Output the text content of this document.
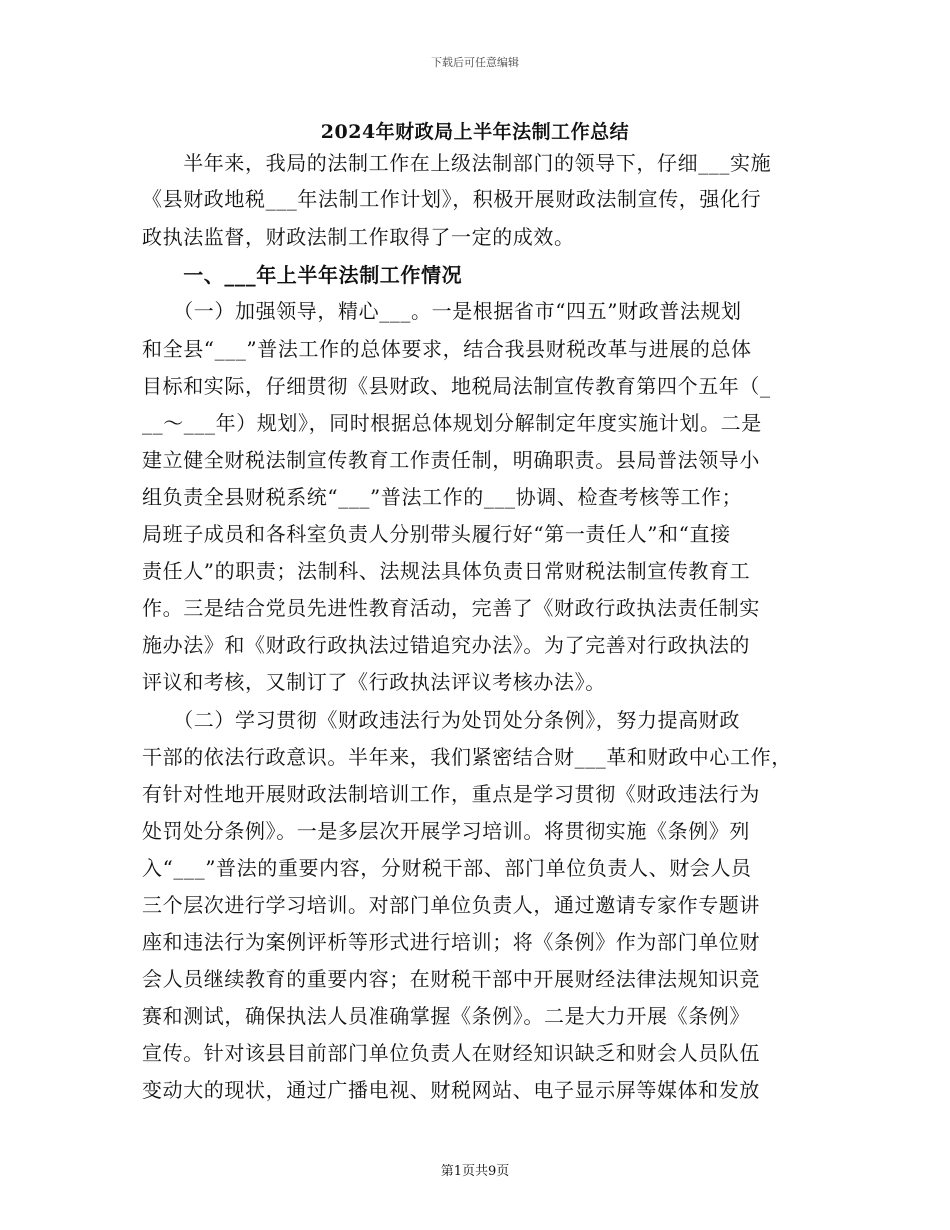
下载后可任意编辑
2024年财政局上半年法制工作总结
　　半年来，我局的法制工作在上级法制部门的领导下，仔细___实施
《县财政地税___年法制工作计划》，积极开展财政法制宣传，强化行
政执法监督，财政法制工作取得了一定的成效。
　　一、___年上半年法制工作情况
　　（一）加强领导，精心___。一是根据省市“四五”财政普法规划
和全县“___”普法工作的总体要求，结合我县财税改革与进展的总体
目标和实际，仔细贯彻《县财政、地税局法制宣传教育第四个五年（_
__～___年）规划》，同时根据总体规划分解制定年度实施计划。二是
建立健全财税法制宣传教育工作责任制，明确职责。县局普法领导小
组负责全县财税系统“___”普法工作的___协调、检查考核等工作；
局班子成员和各科室负责人分别带头履行好“第一责任人”和“直接
责任人”的职责；法制科、法规法具体负责日常财税法制宣传教育工
作。三是结合党员先进性教育活动，完善了《财政行政执法责任制实
施办法》和《财政行政执法过错追究办法》。为了完善对行政执法的
评议和考核，又制订了《行政执法评议考核办法》。
　　（二）学习贯彻《财政违法行为处罚处分条例》，努力提高财政
干部的依法行政意识。半年来，我们紧密结合财___革和财政中心工作，
有针对性地开展财政法制培训工作，重点是学习贯彻《财政违法行为
处罚处分条例》。一是多层次开展学习培训。将贯彻实施《条例》列
入“___”普法的重要内容，分财税干部、部门单位负责人、财会人员
三个层次进行学习培训。对部门单位负责人，通过邀请专家作专题讲
座和违法行为案例评析等形式进行培训；将《条例》作为部门单位财
会人员继续教育的重要内容；在财税干部中开展财经法律法规知识竞
赛和测试，确保执法人员准确掌握《条例》。二是大力开展《条例》
宣传。针对该县目前部门单位负责人在财经知识缺乏和财会人员队伍
变动大的现状，通过广播电视、财税网站、电子显示屏等媒体和发放
第1页共9页
